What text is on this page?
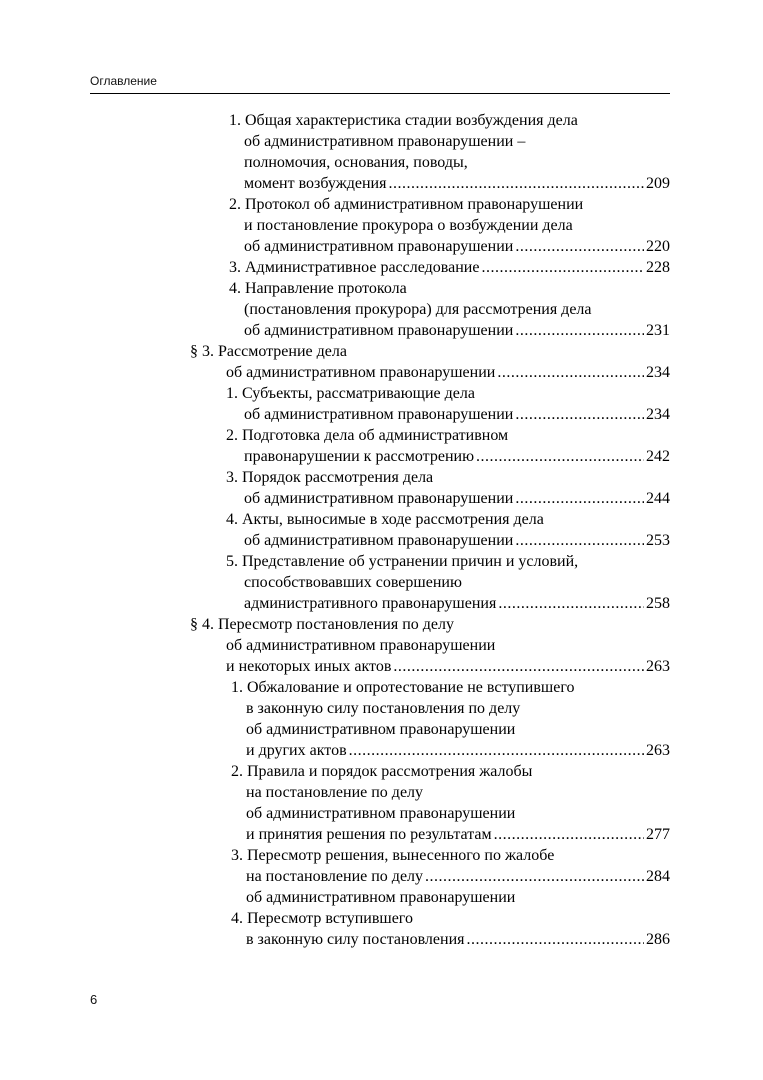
Оглавление
1. Общая характеристика стадии возбуждения дела
об административном правонарушении –
полномочия, основания, поводы,
момент возбуждения .....	209
2. Протокол об административном правонарушении
и постановление прокурора о возбуждении дела
об административном правонарушении .....	220
3. Административное расследование .....	228
4. Направление протокола
(постановления прокурора) для рассмотрения дела
об административном правонарушении .....	231
§ 3. Рассмотрение дела
об административном правонарушении .....	234
1. Субъекты, рассматривающие дела
об административном правонарушении .....	234
2. Подготовка дела об административном
правонарушении к рассмотрению .....	242
3. Порядок рассмотрения дела
об административном правонарушении .....	244
4. Акты, выносимые в ходе рассмотрения дела
об административном правонарушении .....	253
5. Представление об устранении причин и условий,
способствовавших совершению
административного правонарушения .....	258
§ 4. Пересмотр постановления по делу
об административном правонарушении
и некоторых иных актов .....	263
1. Обжалование и опротестование не вступившего
в законную силу постановления по делу
об административном правонарушении
и других актов .....	263
2. Правила и порядок рассмотрения жалобы
на постановление по делу
об административном правонарушении
и принятия решения по результатам .....	277
3. Пересмотр решения, вынесенного по жалобе
на постановление по делу .....	284
об административном правонарушении
4. Пересмотр вступившего
в законную силу постановления .....	286
6
